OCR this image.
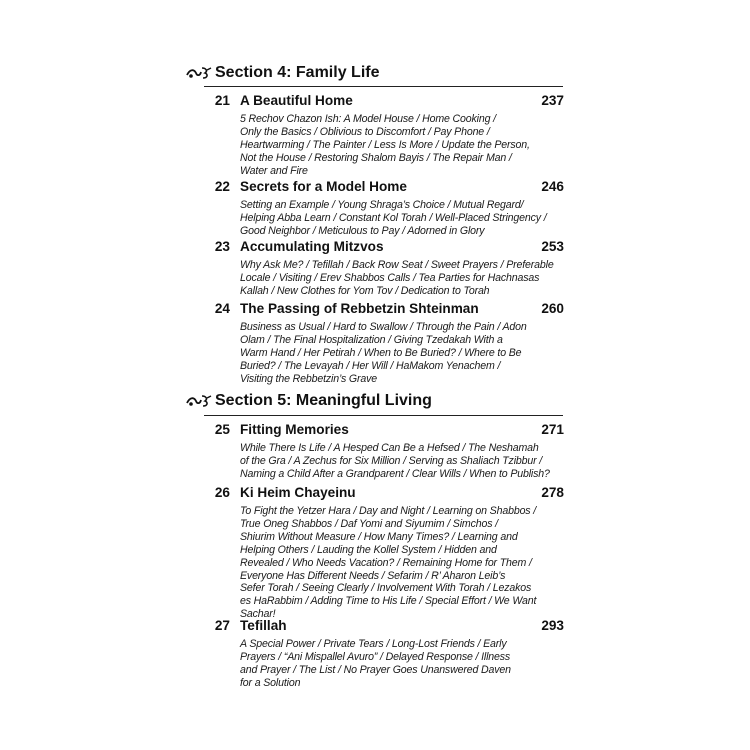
Section 4: Family Life
21 A Beautiful Home	237
5 Rechov Chazon Ish: A Model House / Home Cooking /
Only the Basics / Oblivious to Discomfort / Pay Phone /
Heartwarming / The Painter / Less Is More / Update the Person,
Not the House / Restoring Shalom Bayis / The Repair Man /
Water and Fire
22 Secrets for a Model Home	246
Setting an Example / Young Shraga’s Choice / Mutual Regard/
Helping Abba Learn / Constant Kol Torah / Well-Placed Stringency /
Good Neighbor / Meticulous to Pay / Adorned in Glory
23 Accumulating Mitzvos	253
Why Ask Me? / Tefillah / Back Row Seat / Sweet Prayers / Preferable
Locale / Visiting / Erev Shabbos Calls / Tea Parties for Hachnasas
Kallah / New Clothes for Yom Tov / Dedication to Torah
24 The Passing of Rebbetzin Shteinman	260
Business as Usual / Hard to Swallow / Through the Pain / Adon
Olam / The Final Hospitalization / Giving Tzedakah With a
Warm Hand / Her Petirah / When to Be Buried? / Where to Be
Buried? / The Levayah / Her Will / HaMakom Yenachem /
Visiting the Rebbetzin’s Grave
Section 5: Meaningful Living
25 Fitting Memories	271
While There Is Life / A Hesped Can Be a Hefsed / The Neshamah
of the Gra / A Zechus for Six Million / Serving as Shaliach Tzibbur /
Naming a Child After a Grandparent / Clear Wills / When to Publish?
26 Ki Heim Chayeinu	278
To Fight the Yetzer Hara / Day and Night / Learning on Shabbos /
True Oneg Shabbos / Daf Yomi and Siyumim / Simchos /
Shiurim Without Measure / How Many Times? / Learning and
Helping Others / Lauding the Kollel System / Hidden and
Revealed / Who Needs Vacation? / Remaining Home for Them /
Everyone Has Different Needs / Sefarim / R’ Aharon Leib’s
Sefer Torah / Seeing Clearly / Involvement With Torah / Lezakos
es HaRabbim / Adding Time to His Life / Special Effort / We Want
Sachar!
27 Tefillah	293
A Special Power / Private Tears / Long-Lost Friends / Early
Prayers / “Ani Mispallel Avuro” / Delayed Response / Illness
and Prayer / The List / No Prayer Goes Unanswered Daven
for a Solution
